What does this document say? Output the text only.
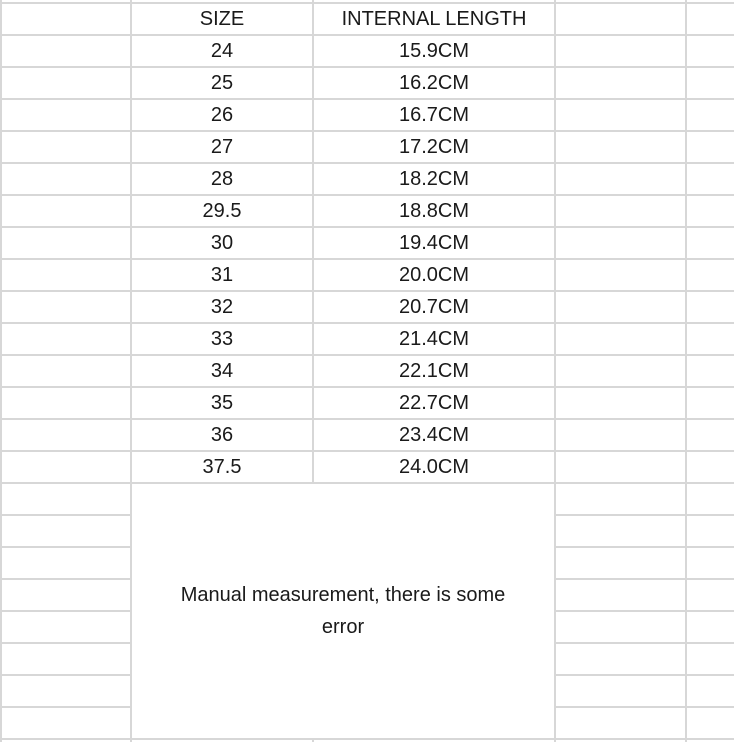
SIZE	INTERNAL LENGTH
24	15.9CM
25	16.2CM
26	16.7CM
27	17.2CM
28	18.2CM
29.5	18.8CM
30	19.4CM
31	20.0CM
32	20.7CM
33	21.4CM
34	22.1CM
35	22.7CM
36	23.4CM
37.5	24.0CM
Manual measurement, there is some
error
